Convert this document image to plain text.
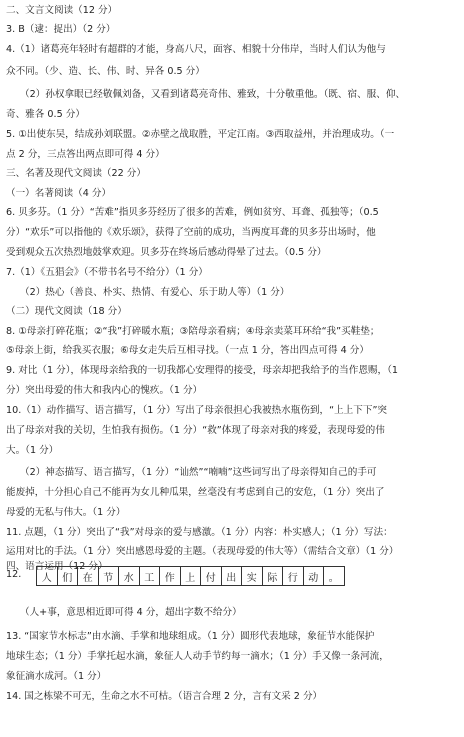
二、文言文阅读（12 分）
3. B（逮：捉出）（2 分）
4.（1）诸葛亮年轻时有超群的才能，身高八尺，面容、相貌十分伟岸，当时人们认为他与
众不同。（少、造、长、伟、时、异各 0.5 分）
（2）孙权拿眼已经敬佩刘备，又看到诸葛亮奇伟、雅致，十分敬重他。（既、宿、服、仰、
奇、雅各 0.5 分）
5. ①出使东吴，结成孙刘联盟。②赤壁之战取胜，平定江南。③西取益州，并治理成功。（一
点 2 分，三点答出两点即可得 4 分）
三、名著及现代文阅读（22 分）
（一）名著阅读（4 分）
6. 贝多芬。（1 分）“苦难”指贝多芬经历了很多的苦难，例如贫穷、耳聋、孤独等；（0.5
分）“欢乐”可以指他的《欢乐颂》，获得了空前的成功，当两度耳聋的贝多芬出场时，他
受到观众五次热烈地鼓掌欢迎。贝多芬在终场后感动得晕了过去。（0.5 分）
7.（1）《五猖会》（不带书名号不给分）（1 分）
（2）热心（善良、朴实、热情、有爱心、乐于助人等）（1 分）
（二）现代文阅读（18 分）
8. ①母亲打碎花瓶；②“我”打碎暖水瓶；③陪母亲看病；④母亲卖菜耳环给“我”买鞋垫；
⑤母亲上街，给我买衣服；⑥母女走失后互相寻找。（一点 1 分，答出四点可得 4 分）
9. 对比（1 分），体现母亲给我的一切我都心安理得的接受，母亲却把我给予的当作恩赐，（1
分）突出母爱的伟大和我内心的愧疚。（1 分）
10.（1）动作描写、语言描写，（1 分）写出了母亲很担心我被热水瓶伤到，“上上下下”突
出了母亲对我的关切，生怕我有损伤。（1 分）“救”体现了母亲对我的疼爱，表现母爱的伟
大。（1 分）
（2）神态描写、语言描写，（1 分）“讪然”“喃喃”这些词写出了母亲得知自己的手可
能废掉，十分担心自己不能再为女儿种瓜果，丝毫没有考虑到自己的安危，（1 分）突出了
母爱的无私与伟大。（1 分）
11. 点题，（1 分）突出了“我”对母亲的爱与感激。（1 分）内容：朴实感人；（1 分）写法：
运用对比的手法。（1 分）突出感恩母爱的主题。（表现母爱的伟大等）（需结合文章）（1 分）
四、语言运用（12 分）
12.	人	们	在	节	水	工	作	上	付	出	实	际	行	动	。
（人+事，意思相近即可得 4 分，超出字数不给分）
13. “国家节水标志”由水滴、手掌和地球组成。（1 分）圆形代表地球，象征节水能保护
地球生态；（1 分）手掌托起水滴，象征人人动手节约每一滴水；（1 分）手又像一条河流，
象征滴水成河。（1 分）
14. 国之栋梁不可无，生命之水不可枯。（语言合理 2 分，言有文采 2 分）
